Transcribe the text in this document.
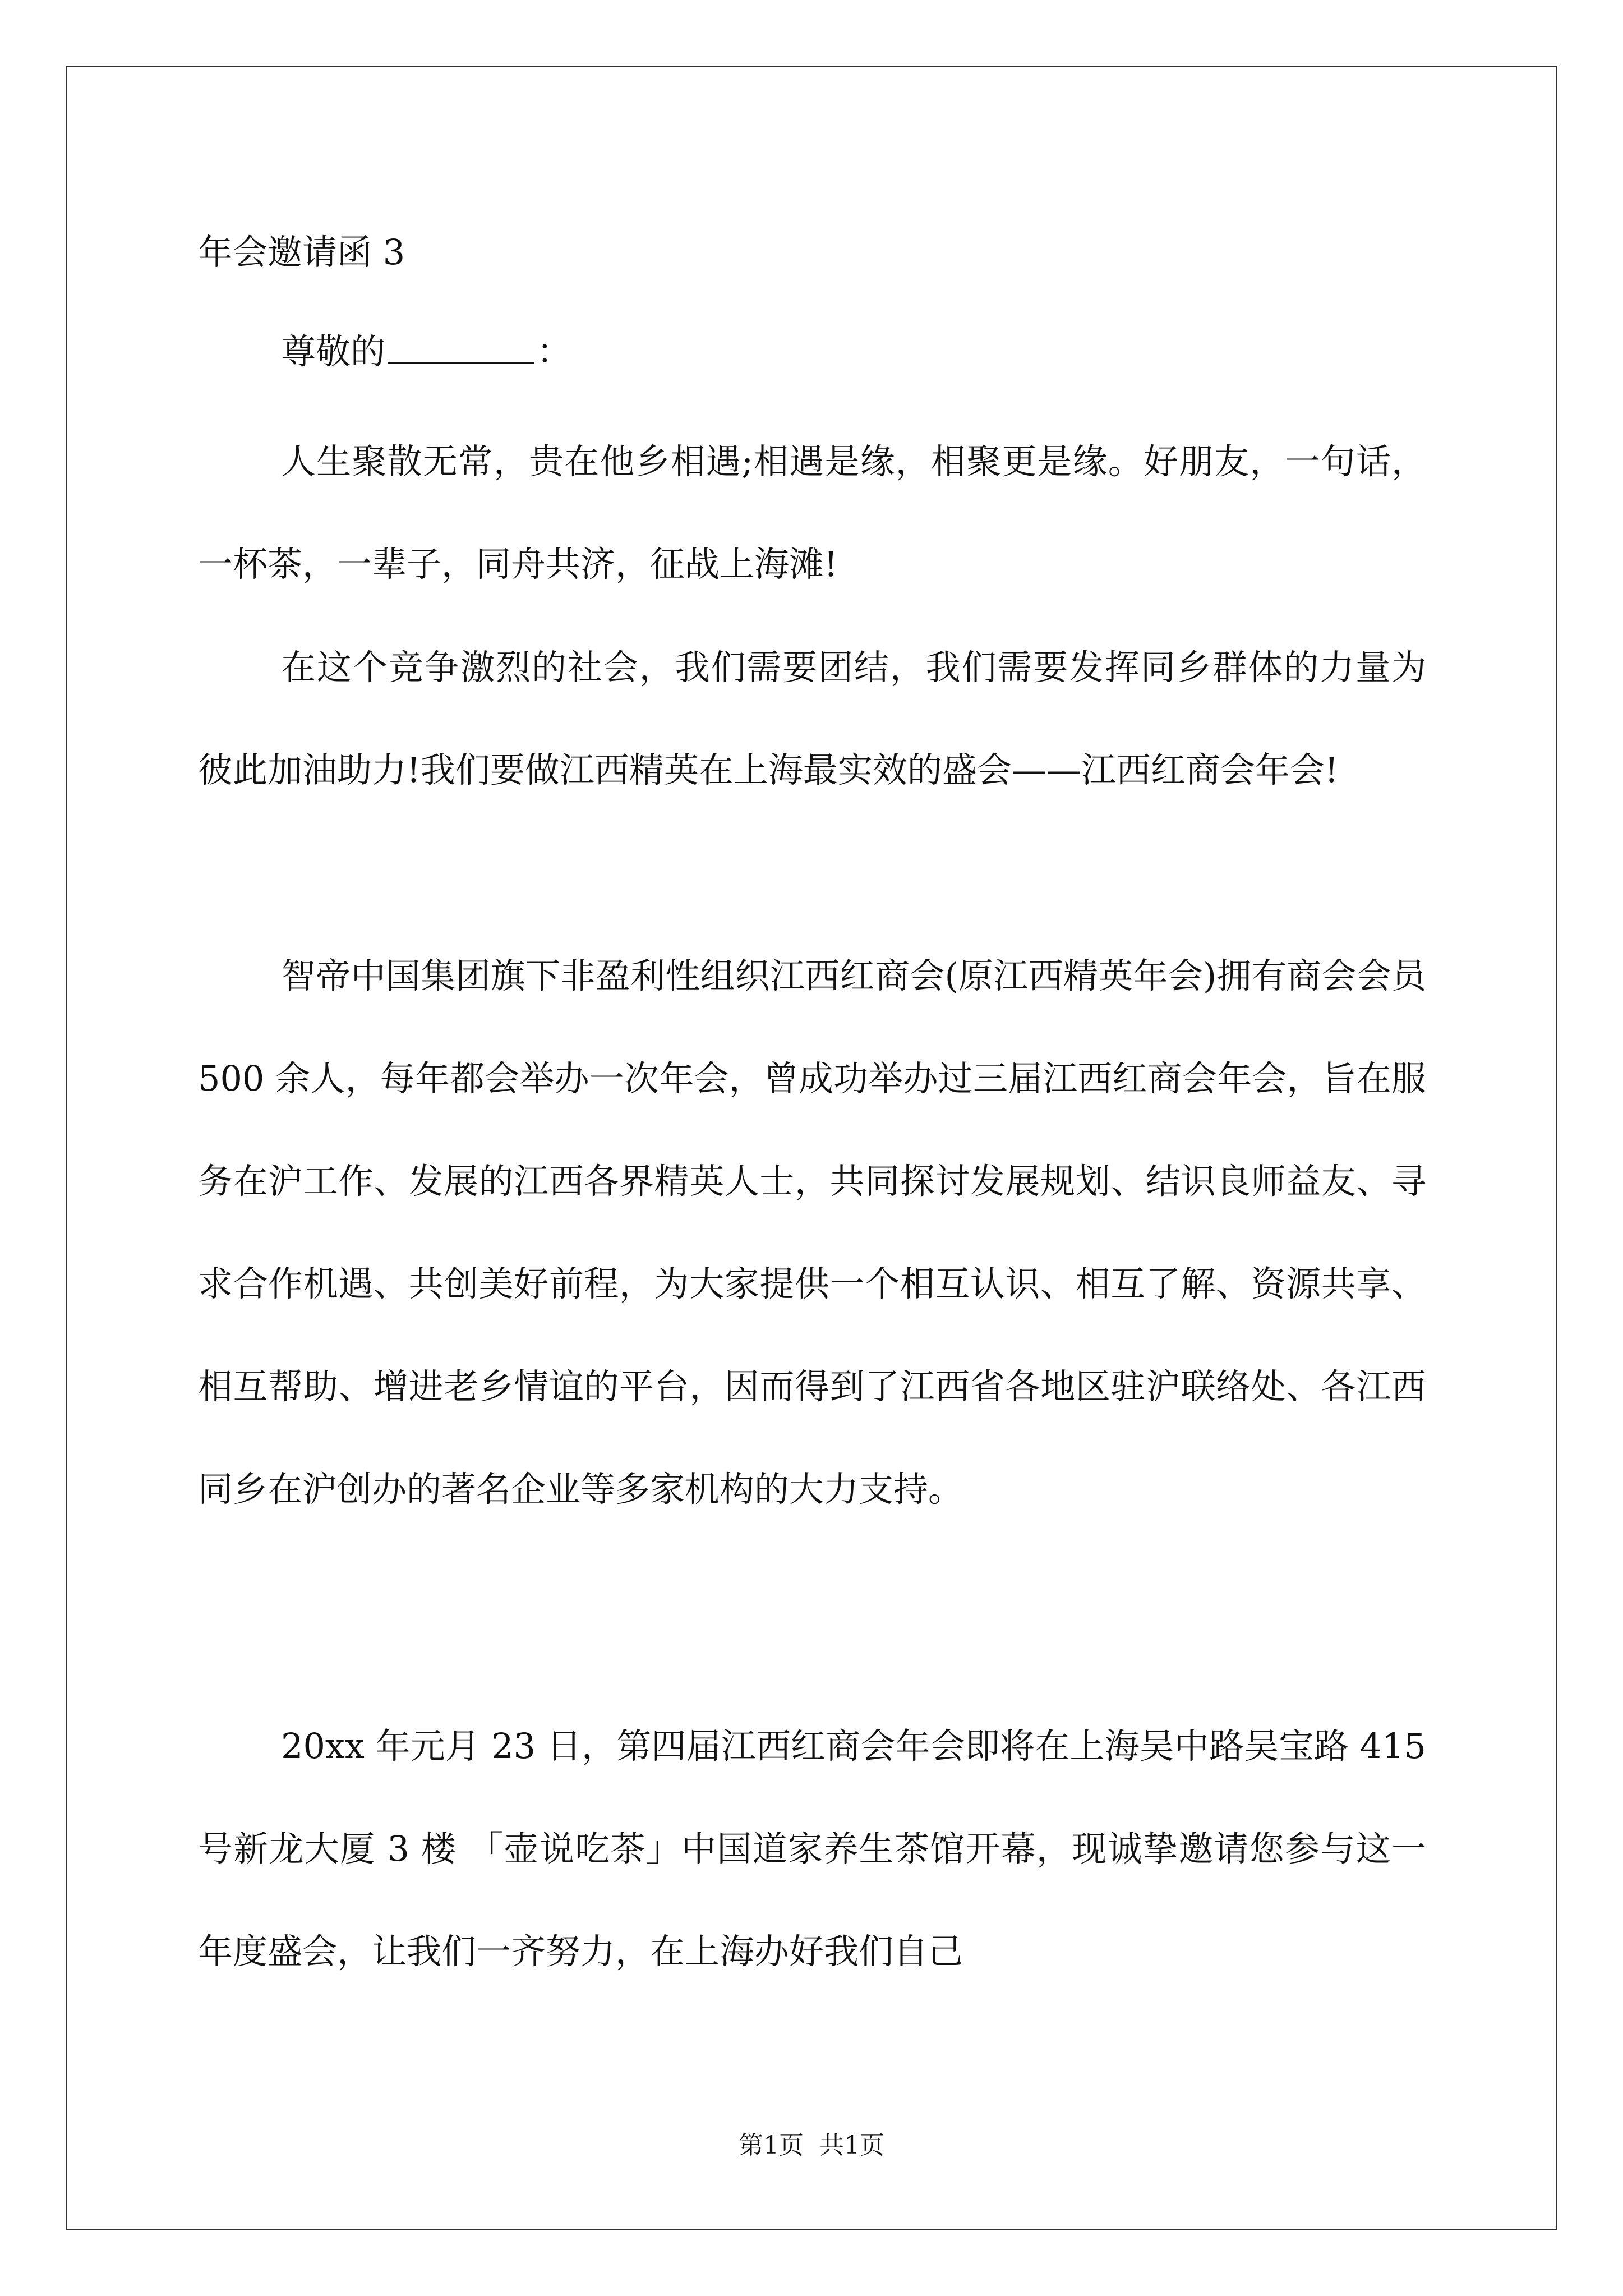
年会邀请函 3
尊敬的	：

人生聚散无常，贵在他乡相遇;相遇是缘，相聚更是缘。好朋友，一句话，一杯茶，一辈子，同舟共济，征战上海滩!

在这个竞争激烈的社会，我们需要团结，我们需要发挥同乡群体的力量为彼此加油助力!我们要做江西精英在上海最实效的盛会——江西红商会年会!

智帝中国集团旗下非盈利性组织江西红商会(原江西精英年会)拥有商会会员 500 余人，每年都会举办一次年会，曾成功举办过三届江西红商会年会，旨在服务在沪工作、发展的江西各界精英人士，共同探讨发展规划、结识良师益友、寻求合作机遇、共创美好前程，为大家提供一个相互认识、相互了解、资源共享、相互帮助、增进老乡情谊的平台，因而得到了江西省各地区驻沪联络处、各江西同乡在沪创办的著名企业等多家机构的大力支持。

20xx 年元月 23 日，第四届江西红商会年会即将在上海吴中路吴宝路 415 号新龙大厦 3 楼 「壶说吃茶」中国道家养生茶馆开幕，现诚挚邀请您参与这一年度盛会，让我们一齐努力，在上海办好我们自己

第1页  共1页
